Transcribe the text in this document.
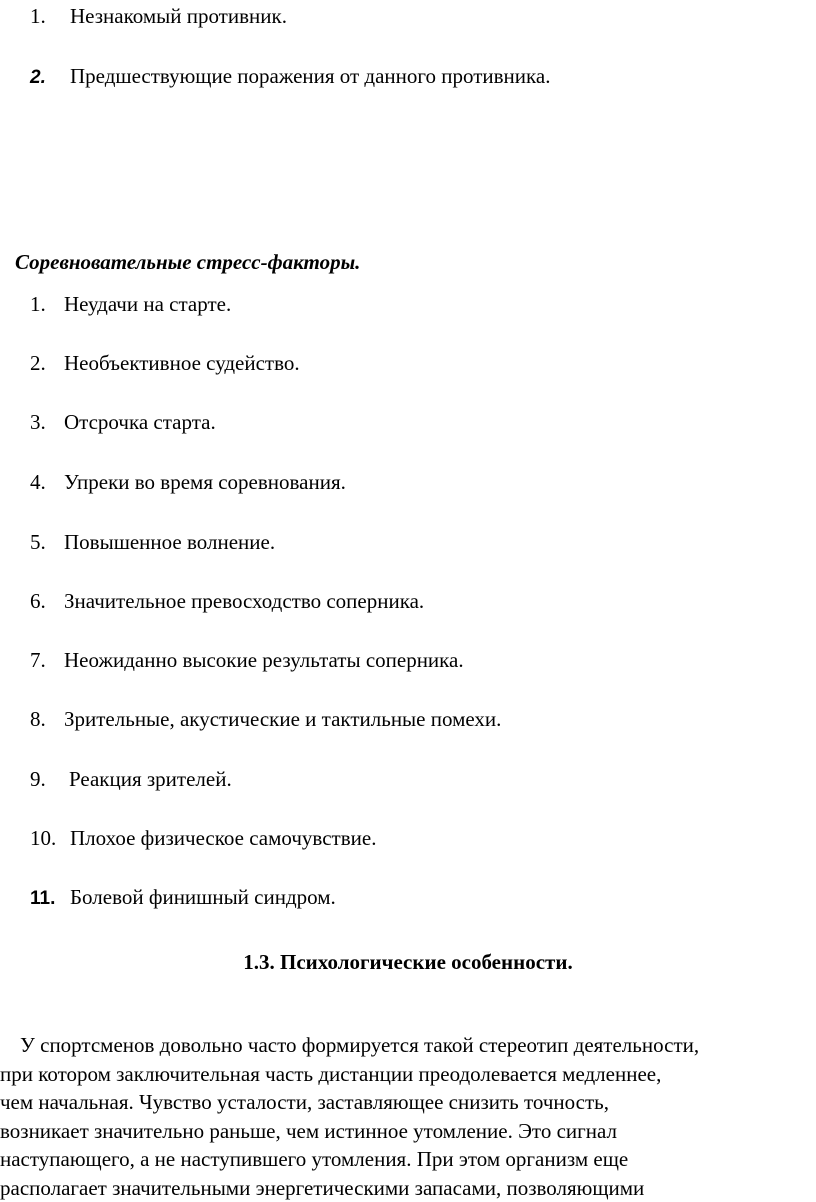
1. Незнакомый противник.
2. Предшествующие поражения от данного противника.
Соревновательные стресс-факторы.
1. Неудачи на старте.
2. Необъективное судейство.
3. Отсрочка старта.
4. Упреки во время соревнования.
5. Повышенное волнение.
6. Значительное превосходство соперника.
7. Неожиданно высокие результаты соперника.
8. Зрительные, акустические и тактильные помехи.
9. Реакция зрителей.
10. Плохое физическое самочувствие.
11. Болевой финишный синдром.
1.3. Психологические особенности.
У спортсменов довольно часто формируется такой стереотип деятельности,
при котором заключительная часть дистанции преодолевается медленнее,
чем начальная. Чувство усталости, заставляющее снизить точность,
возникает значительно раньше, чем истинное утомление. Это сигнал
наступающего, а не наступившего утомления. При этом организм еще
располагает значительными энергетическими запасами, позволяющими
